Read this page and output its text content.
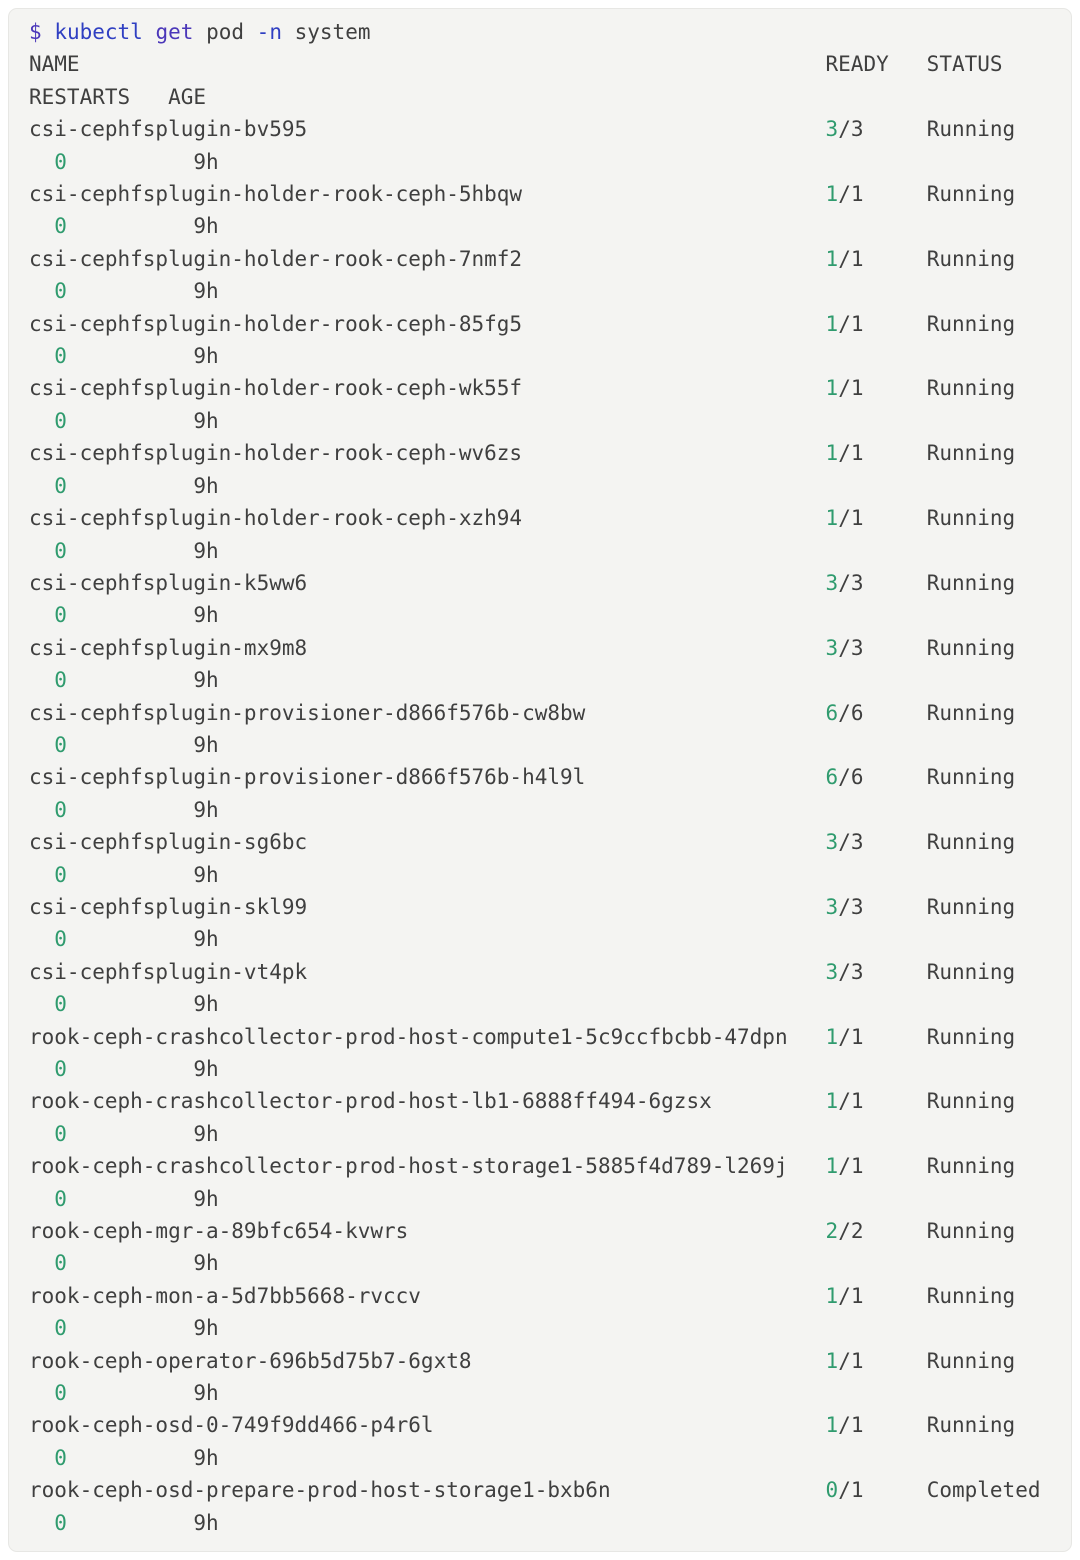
$ kubectl get pod -n system
NAME                                                           READY   STATUS
RESTARTS   AGE
csi-cephfsplugin-bv595	3/3	Running
0	9h
csi-cephfsplugin-holder-rook-ceph-5hbqw	1/1	Running
0	9h
csi-cephfsplugin-holder-rook-ceph-7nmf2	1/1	Running
0	9h
csi-cephfsplugin-holder-rook-ceph-85fg5	1/1	Running
0	9h
csi-cephfsplugin-holder-rook-ceph-wk55f	1/1	Running
0	9h
csi-cephfsplugin-holder-rook-ceph-wv6zs	1/1	Running
0	9h
csi-cephfsplugin-holder-rook-ceph-xzh94	1/1	Running
0	9h
csi-cephfsplugin-k5ww6	3/3	Running
0	9h
csi-cephfsplugin-mx9m8	3/3	Running
0	9h
csi-cephfsplugin-provisioner-d866f576b-cw8bw	6/6	Running
0	9h
csi-cephfsplugin-provisioner-d866f576b-h4l9l	6/6	Running
0	9h
csi-cephfsplugin-sg6bc	3/3	Running
0	9h
csi-cephfsplugin-skl99	3/3	Running
0	9h
csi-cephfsplugin-vt4pk	3/3	Running
0	9h
rook-ceph-crashcollector-prod-host-compute1-5c9ccfbcbb-47dpn 1/1	Running
0	9h
rook-ceph-crashcollector-prod-host-lb1-6888ff494-6gzsx	1/1	Running
0	9h
rook-ceph-crashcollector-prod-host-storage1-5885f4d789-l269j 1/1	Running
0	9h
rook-ceph-mgr-a-89bfc654-kvwrs	2/2	Running
0	9h
rook-ceph-mon-a-5d7bb5668-rvccv	1/1	Running
0	9h
rook-ceph-operator-696b5d75b7-6gxt8	1/1	Running
0	9h
rook-ceph-osd-0-749f9dd466-p4r6l	1/1	Running
0	9h
rook-ceph-osd-prepare-prod-host-storage1-bxb6n	0/1	Completed
0	9h
